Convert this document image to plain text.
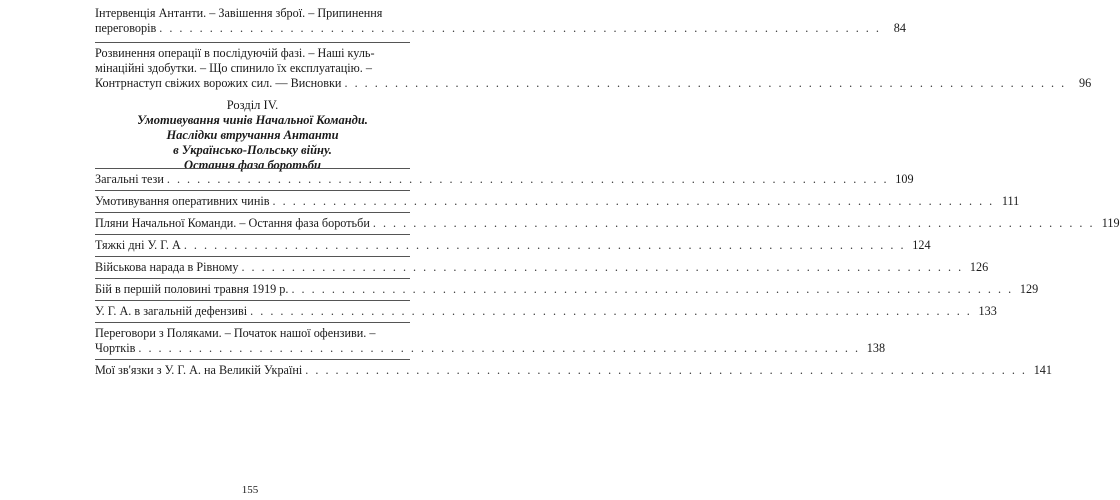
Інтервенція Антанти. – Завішення зброї. – Припинення
переговорів . . .	84
Розвинення операції в послідуючій фазі. – Наші куль-
мінаційні здобутки. – Що спинило їх експлуатацію. –
Контрнаступ свіжих ворожих сил. — Висновки . . .	96
Розділ IV.
Умотивування чинів Начальної Команди.
Наслідки втручання Антанти
в Українсько-Польську війну.
Остання фаза боротьби
Загальні тези . . .	109
Умотивування оперативних чинів . . .	111
Пляни Начальної Команди. – Остання фаза боротьби . . .	119
Тяжкі дні У. Г. А . . .	124
Військова нарада в Рівному . . .	126
Бій в першій половині травня 1919 р. . . .	129
У. Г. А. в загальній дефензиві . . .	133
Переговори з Поляками. – Початок нашої офензиви. –
Чортків . . .	138
Мої зв'язки з У. Г. А. на Великій Україні . . .	141
155
